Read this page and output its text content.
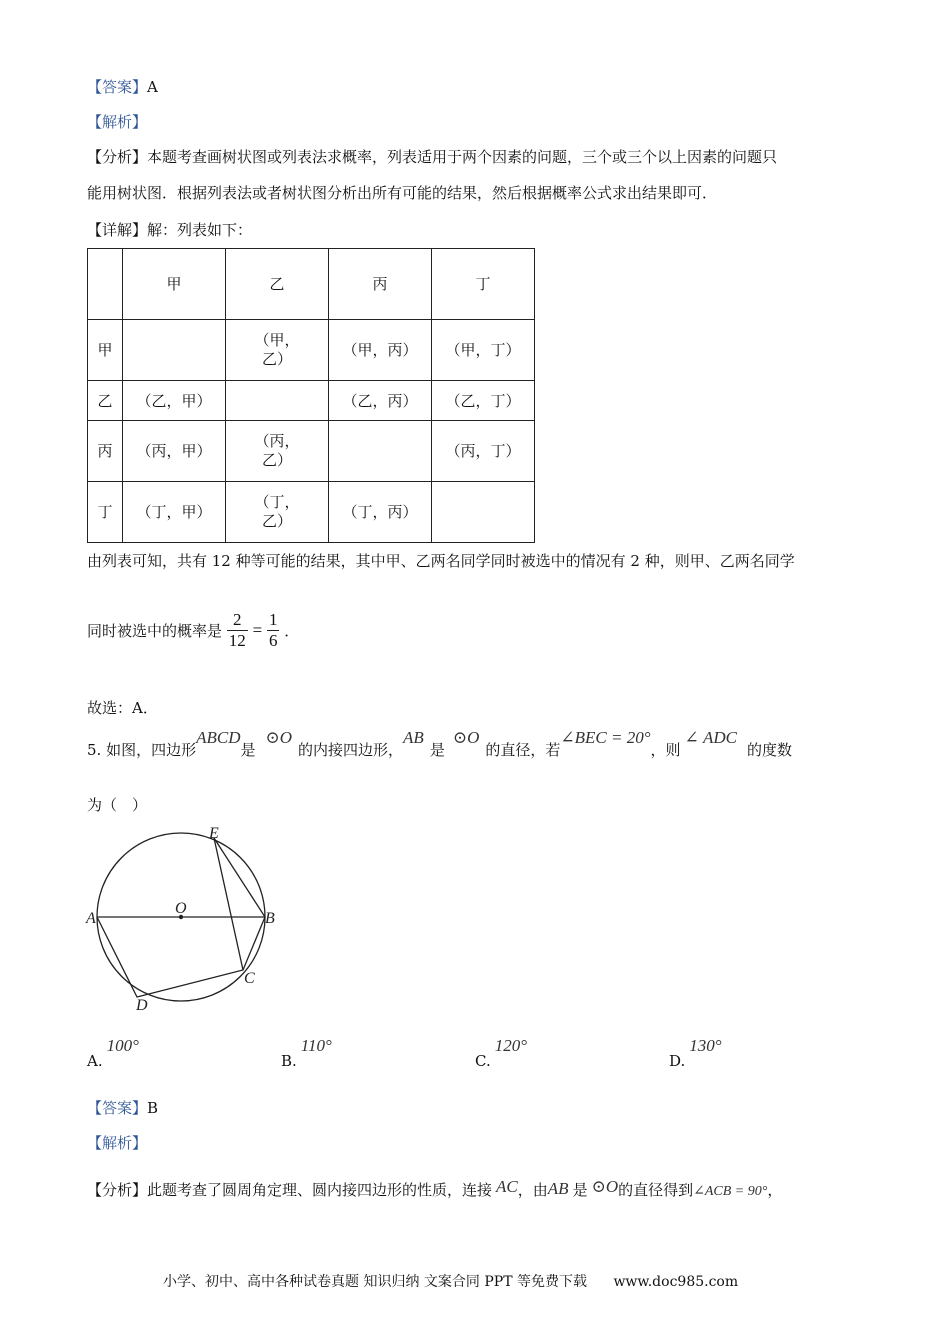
【答案】A
【解析】
【分析】本题考查画树状图或列表法求概率，列表适用于两个因素的问题，三个或三个以上因素的问题只
能用树状图．根据列表法或者树状图分析出所有可能的结果，然后根据概率公式求出结果即可．
【详解】解：列表如下：
	甲	乙	丙	丁
甲		（甲，乙）	（甲，丙）	（甲，丁）
乙	（乙，甲）		（乙，丙）	（乙，丁）
丙	（丙，甲）	（丙，乙）		（丙，丁）
丁	（丁，甲）	（丁，乙）	（丁，丙）	
由列表可知，共有 12 种等可能的结果，其中甲、乙两名同学同时被选中的情况有 2 种，则甲、乙两名同学
同时被选中的概率是 $\frac{2}{12} = \frac{1}{6}$ ．
故选：A．
5. 如图，四边形ABCD是⊙O的内接四边形，AB是⊙O的直径，若∠BEC = 20°，则∠ ADC的度数
为（　）
E
O
A	B
C
D
A.100°
B.110°
C.120°
D.130°
【答案】B
【解析】
【分析】此题考查了圆周角定理、圆内接四边形的性质，连接 AC，由AB 是 ⊙O的直径得到∠ACB = 90°，
小学、初中、高中各种试卷真题 知识归纳 文案合同 PPT 等免费下载 www.doc985.com
